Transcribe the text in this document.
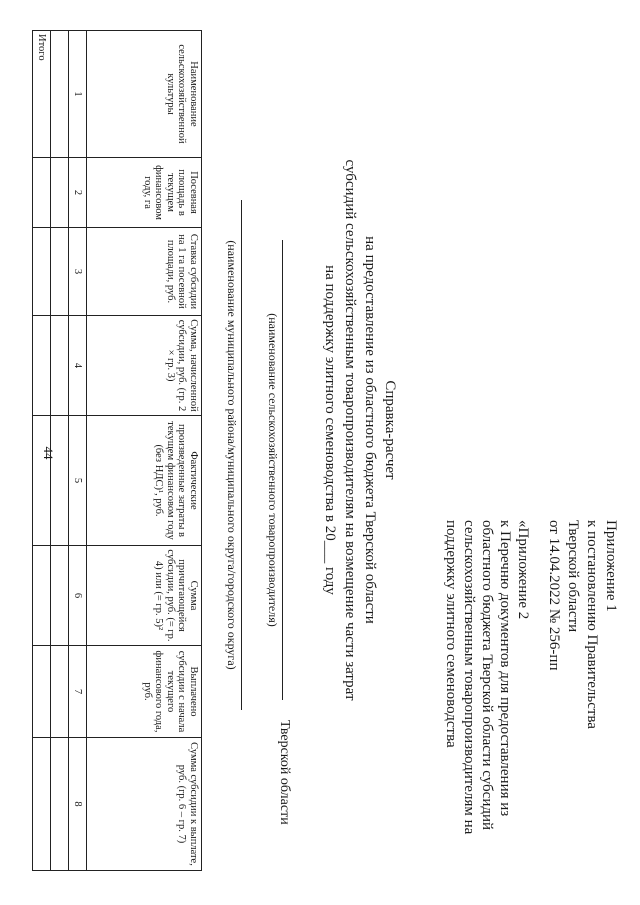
44
Приложение 1
к постановлению Правительства
Тверской области
от 14.04.2022 № 256-пп
«Приложение 2
к Перечню документов для предоставления из
областного бюджета Тверской области субсидий
сельскохозяйственным товаропроизводителям на
поддержку элитного семеноводства
Справка-расчет
на предоставление из областного бюджета Тверской области
субсидий сельскохозяйственным товаропроизводителям на возмещение части затрат
на поддержку элитного семеноводства в 20___ году
(наименование сельскохозяйственного товаропроизводителя)
(наименование муниципального района/муниципального округа/городского округа)
Тверской области
Наименование сельскохозяйственной культуры	Посевная площадь в текущем финансовом году, га	Ставка субсидии на 1 га посевной площади, руб.	Сумма, начисленной субсидии, руб. (гр. 2 × гр. 3)	Фактические произведенные затраты в текущем финансовом году (без НДС)¹, руб.	Сумма причитающейся субсидии, руб. (= гр. 4) или (= гр. 5)²	Выплачено субсидии с начала текущего финансового года, руб.	Сумма субсидии к выплате, руб. (гр. 6 – гр. 7)
1	2	3	4	5	6	7	8

Итого							
